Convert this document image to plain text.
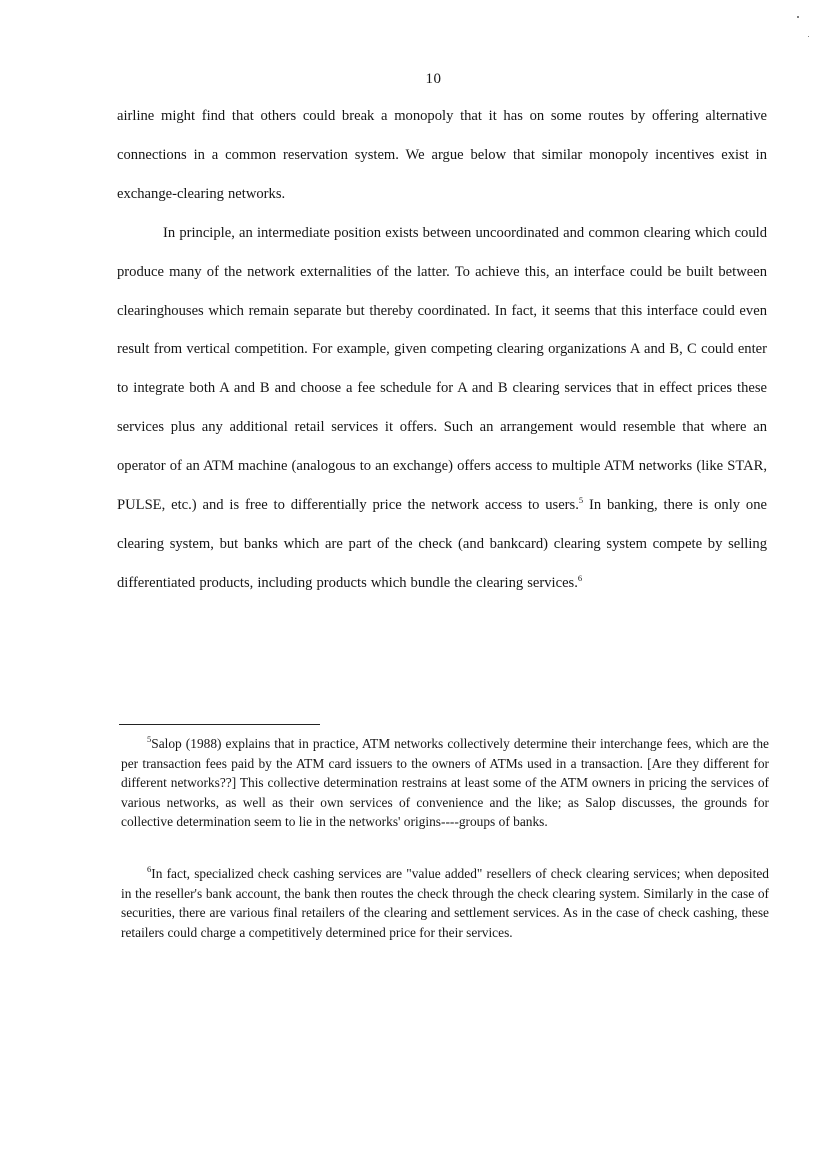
10

airline might find that others could break a monopoly that it has on some routes by offering alternative connections in a common reservation system. We argue below that similar monopoly incentives exist in exchange-clearing networks.

In principle, an intermediate position exists between uncoordinated and common clearing which could produce many of the network externalities of the latter. To achieve this, an interface could be built between clearinghouses which remain separate but thereby coordinated. In fact, it seems that this interface could even result from vertical competition. For example, given competing clearing organizations A and B, C could enter to integrate both A and B and choose a fee schedule for A and B clearing services that in effect prices these services plus any additional retail services it offers. Such an arrangement would resemble that where an operator of an ATM machine (analogous to an exchange) offers access to multiple ATM networks (like STAR, PULSE, etc.) and is free to differentially price the network access to users.$^5$ In banking, there is only one clearing system, but banks which are part of the check (and bankcard) clearing system compete by selling differentiated products, including products which bundle the clearing services.$^6$

$^5$Salop (1988) explains that in practice, ATM networks collectively determine their interchange fees, which are the per transaction fees paid by the ATM card issuers to the owners of ATMs used in a transaction. [Are they different for different networks??] This collective determination restrains at least some of the ATM owners in pricing the services of various networks, as well as their own services of convenience and the like; as Salop discusses, the grounds for collective determination seem to lie in the networks' origins----groups of banks.

$^6$In fact, specialized check cashing services are "value added" resellers of check clearing services; when deposited in the reseller's bank account, the bank then routes the check through the check clearing system. Similarly in the case of securities, there are various final retailers of the clearing and settlement services. As in the case of check cashing, these retailers could charge a competitively determined price for their services.
